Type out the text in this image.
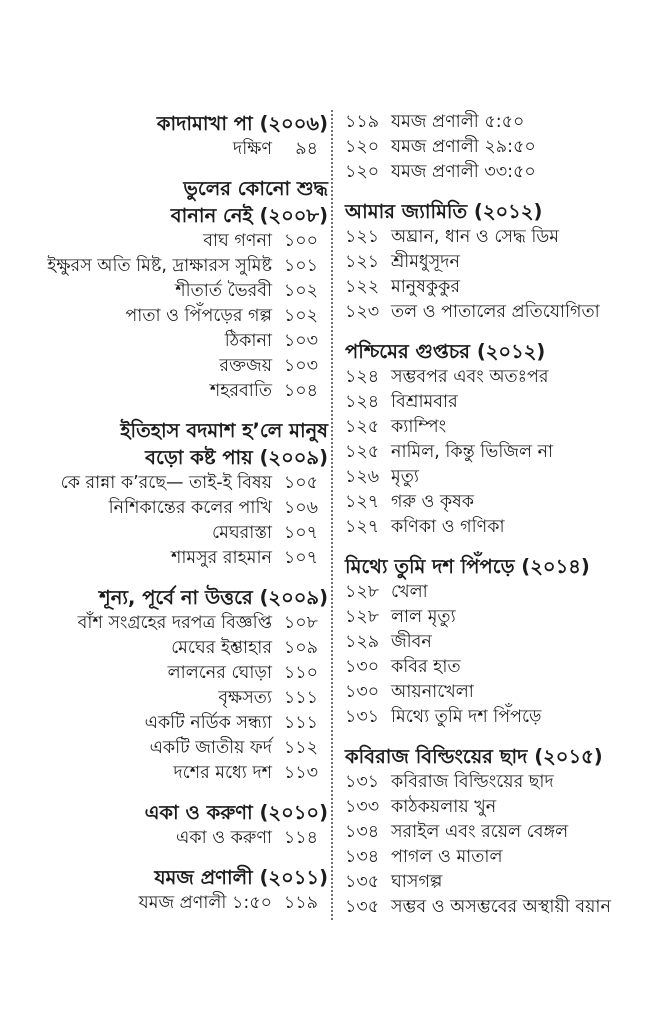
কাদামাখা পা (২০০৬)
দক্ষিণ	৯৪
ভুলের কোনো শুদ্ধ
বানান নেই (২০০৮)
বাঘ গণনা ১০০
ইক্ষুরস অতি মিষ্ট, দ্রাক্ষারস সুমিষ্ট ১০১
শীতার্ত ভৈরবী ১০২
পাতা ও পিঁপড়ের গল্প ১০২
ঠিকানা ১০৩
রক্তজয় ১০৩
শহরবাতি ১০৪
ইতিহাস বদমাশ হ’লে মানুষ
বড়ো কষ্ট পায় (২০০৯)
কে রান্না ক’রছে— তাই-ই বিষয় ১০৫
নিশিকান্তের কলের পাখি ১০৬
মেঘরাস্তা ১০৭
শামসুর রাহমান ১০৭
শূন্য, পূর্বে না উত্তরে (২০০৯)
বাঁশ সংগ্রহের দরপত্র বিজ্ঞপ্তি ১০৮
মেঘের ইশ্তাহার ১০৯
লালনের ঘোড়া ১১০
বৃক্ষসত্য ১১১
একটি নর্ডিক সন্ধ্যা ১১১
একটি জাতীয় ফর্দ ১১২
দশের মধ্যে দশ ১১৩
একা ও করুণা (২০১০)
একা ও করুণা ১১৪
যমজ প্রণালী (২০১১)
যমজ প্রণালী ১:৫০ ১১৯
১১৯ যমজ প্রণালী ৫:৫০
১২০ যমজ প্রণালী ২৯:৫০
১২০ যমজ প্রণালী ৩৩:৫০
আমার জ্যামিতি (২০১২)
১২১ অঘ্রান, ধান ও সেদ্ধ ডিম
১২১ শ্রীমধুসূদন
১২২ মানুষকুকুর
১২৩ তল ও পাতালের প্রতিযোগিতা
পশ্চিমের গুপ্তচর (২০১২)
১২৪ সম্ভবপর এবং অতঃপর
১২৪ বিশ্রামবার
১২৫ ক্যাম্পিং
১২৫ নামিল, কিন্তু ভিজিল না
১২৬ মৃত্যু
১২৭ গরু ও কৃষক
১২৭ কণিকা ও গণিকা
মিথ্যে তুমি দশ পিঁপড়ে (২০১৪)
১২৮ খেলা
১২৮ লাল মৃত্যু
১২৯ জীবন
১৩০ কবির হাত
১৩০ আয়নাখেলা
১৩১ মিথ্যে তুমি দশ পিঁপড়ে
কবিরাজ বিল্ডিংয়ের ছাদ (২০১৫)
১৩১ কবিরাজ বিল্ডিংয়ের ছাদ
১৩৩ কাঠকয়লায় খুন
১৩৪ সরাইল এবং রয়েল বেঙ্গল
১৩৪ পাগল ও মাতাল
১৩৫ ঘাসগল্প
১৩৫ সম্ভব ও অসম্ভবের অস্থায়ী বয়ান
